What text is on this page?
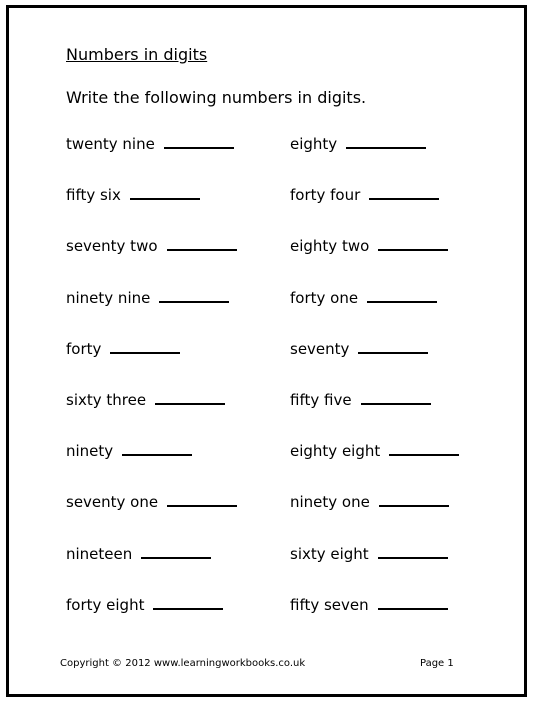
Numbers in digits
Write the following numbers in digits.
twenty nine
fifty six
seventy two
ninety nine
forty
sixty three
ninety
seventy one
nineteen
forty eight
eighty
forty four
eighty two
forty one
seventy
fifty five
eighty eight
ninety one
sixty eight
fifty seven
Copyright © 2012 www.learningworkbooks.co.uk	Page 1
